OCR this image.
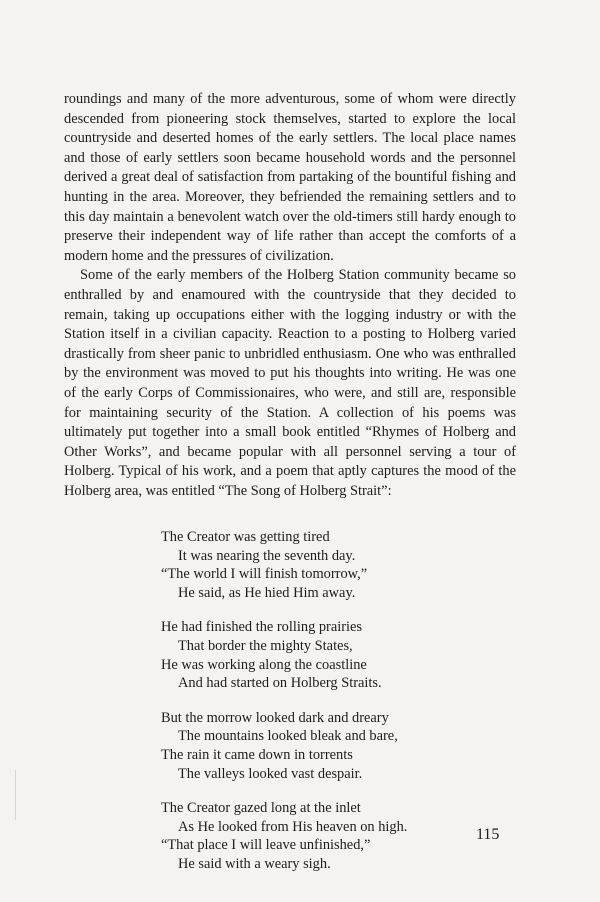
roundings and many of the more adventurous, some of whom were directly descended from pioneering stock themselves, started to explore the local countryside and deserted homes of the early settlers. The local place names and those of early settlers soon became household words and the personnel derived a great deal of satisfaction from partaking of the bountiful fishing and hunting in the area. Moreover, they befriended the remaining settlers and to this day maintain a benevolent watch over the old-timers still hardy enough to preserve their independent way of life rather than accept the comforts of a modern home and the pressures of civilization.

Some of the early members of the Holberg Station community became so enthralled by and enamoured with the countryside that they decided to remain, taking up occupations either with the logging industry or with the Station itself in a civilian capacity. Reaction to a posting to Holberg varied drastically from sheer panic to unbridled enthusiasm. One who was enthralled by the environment was moved to put his thoughts into writing. He was one of the early Corps of Commissionaires, who were, and still are, responsible for maintaining security of the Station. A collection of his poems was ultimately put together into a small book entitled “Rhymes of Holberg and Other Works”, and became popular with all personnel serving a tour of Holberg. Typical of his work, and a poem that aptly captures the mood of the Holberg area, was entitled “The Song of Holberg Strait”:

The Creator was getting tired
It was nearing the seventh day.
“The world I will finish tomorrow,”
He said, as He hied Him away.
He had finished the rolling prairies
That border the mighty States,
He was working along the coastline
And had started on Holberg Straits.
But the morrow looked dark and dreary
The mountains looked bleak and bare,
The rain it came down in torrents
The valleys looked vast despair.
The Creator gazed long at the inlet
As He looked from His heaven on high.
“That place I will leave unfinished,”
He said with a weary sigh.
115
